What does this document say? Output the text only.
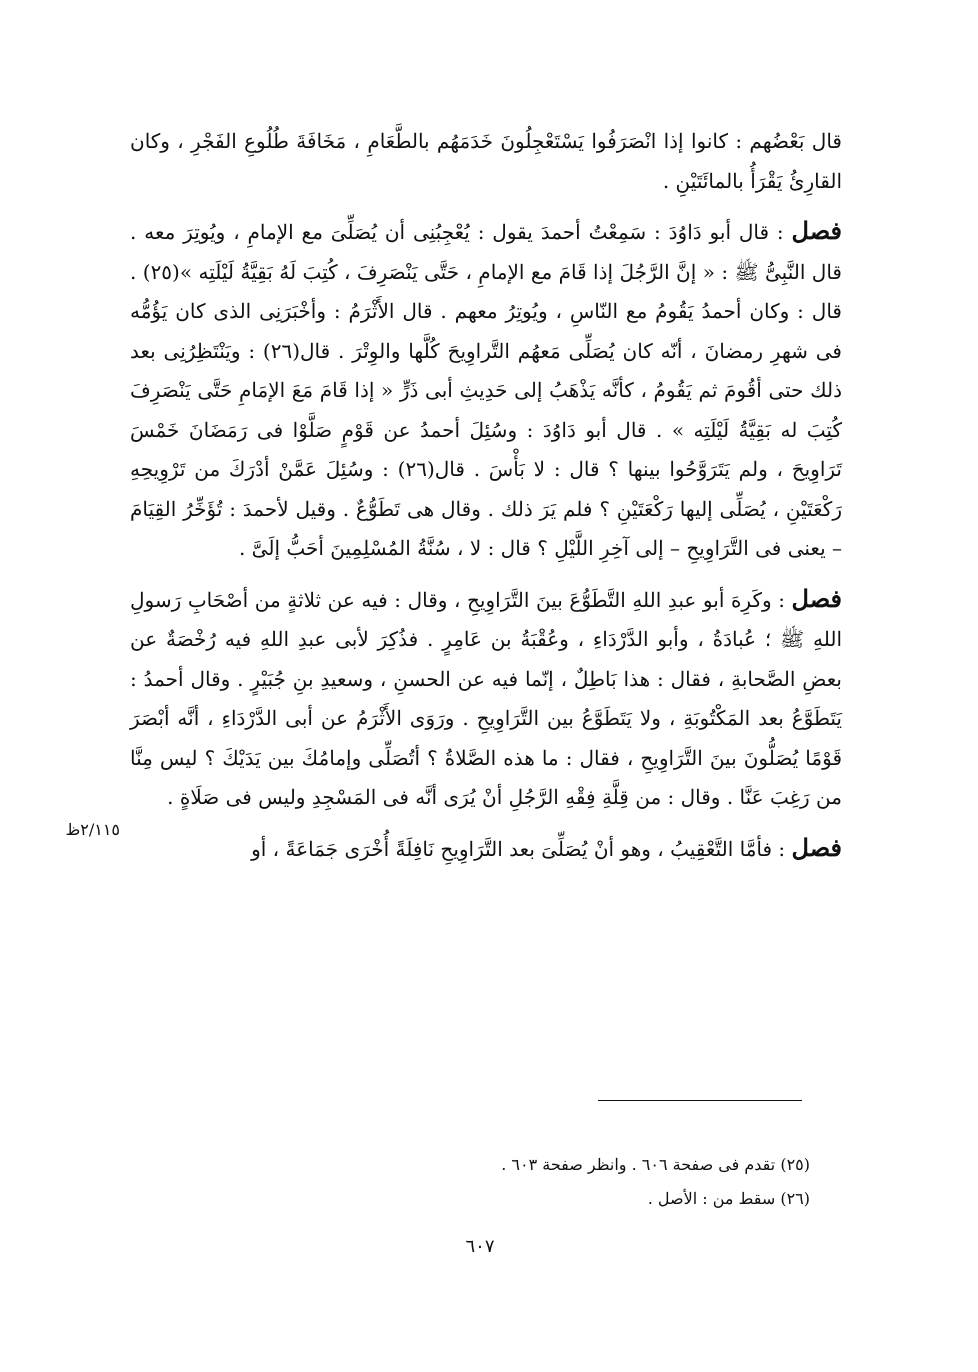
قال بَعْضُهم : كانوا إذا انْصَرَفُوا يَسْتَعْجِلُونَ خَدَمَهُم بالطَّعَامِ ، مَخَافَةَ طُلُوعِ الفَجْرِ ، وكان القارِئُ يَقْرَأُ بالمائَتَيْنِ .

فصل : قال أبو دَاوُدَ : سَمِعْتُ أحمدَ يقول : يُعْجِبُنِى أن يُصَلِّىَ مع الإمامِ ، ويُوتِرَ معه . قال النَّبِىُّ ﷺ : « إنَّ الرَّجُلَ إذا قَامَ مع الإمامِ ، حَتَّى يَنْصَرِفَ ، كُتِبَ لَهُ بَقِيَّةُ لَيْلَتِه »(٢٥) . قال : وكان أحمدُ يَقُومُ مع النّاسِ ، ويُوتِرُ معهم . قال الأَثْرَمُ : وأخْبَرَنِى الذى كان يَؤُمُّه فى شهرِ رمضانَ ، أنّه كان يُصَلِّى مَعهُم التَّراوِيحَ كُلَّها والوِتْرَ . قال(٢٦) : ويَنْتَظِرُنِى بعد ذلك حتى أقُومَ ثم يَقُومُ ، كأنَّه يَذْهَبُ إلى حَدِيثِ أبى ذَرٍّ « إذا قَامَ مَعَ الإمَامِ حَتَّى يَنْصَرِفَ كُتِبَ له بَقِيَّةُ لَيْلَتِه » . قال أبو دَاوُدَ : وسُئِلَ أحمدُ عن قَوْمٍ صَلَّوْا فى رَمَضَانَ خَمْسَ تَرَاوِيحَ ، ولم يَتَرَوَّحُوا بينها ؟ قال : لا بَأْسَ . قال(٢٦) : وسُئِلَ عَمَّنْ أدْرَكَ من تَرْوِيحِهِ رَكْعَتَيْنِ ، يُصَلِّى إليها رَكْعَتَيْنِ ؟ فلم يَرَ ذلك . وقال هى تَطَوُّعٌ . وقيل لأحمدَ : تُؤَخِّرُ القِيَامَ – يعنى فى التَّرَاوِيحِ – إلى آخِرِ اللَّيْلِ ؟ قال : لا ، سُنَّةُ المُسْلِمِينَ أحَبُّ إلَىَّ .

فصل : وكَرِهَ أبو عبدِ اللهِ التَّطَوُّعَ بينَ التَّرَاوِيحِ ، وقال : فيه عن ثلاثةٍ من أصْحَابِ رَسولِ اللهِ ﷺ ؛ عُبادَةُ ، وأبو الدَّرْدَاءِ ، وعُقْبَةُ بن عَامِرٍ . فذُكِرَ لأبى عبدِ اللهِ فيه رُخْصَةٌ عن بعضِ الصَّحابةِ ، فقال : هذا بَاطِلٌ ، إنّما فيه عن الحسنِ ، وسعيدِ بنِ جُبَيْرٍ . وقال أحمدُ : يَتَطَوَّعُ بعد المَكْتُوبَةِ ، ولا يَتَطَوَّعُ بين التَّرَاوِيحِ . ورَوَى الأَثْرَمُ عن أبى الدَّرْدَاءِ ، أنَّه أبْصَرَ قَوْمًا يُصَلُّونَ بينَ التَّرَاوِيحِ ، فقال : ما هذه الصَّلاةُ ؟ أتُصَلِّى وإمامُكَ بين يَدَيْكَ ؟ ليس مِنَّا من رَغِبَ عَنَّا . وقال : من قِلَّةِ فِقْهِ الرَّجُلِ أنْ يُرَى أنَّه فى المَسْجِدِ وليس فى صَلَاةٍ .

فصل : فأمَّا التَّعْقِيبُ ، وهو أنْ يُصَلِّىَ بعد التَّرَاوِيحِ نَافِلَةً أُخْرَى جَمَاعَةً ، أو

٢/١١٥ظ

(٢٥) تقدم فى صفحة ٦٠٦ . وانظر صفحة ٦٠٣ .

(٢٦) سقط من : الأصل .

٦٠٧
